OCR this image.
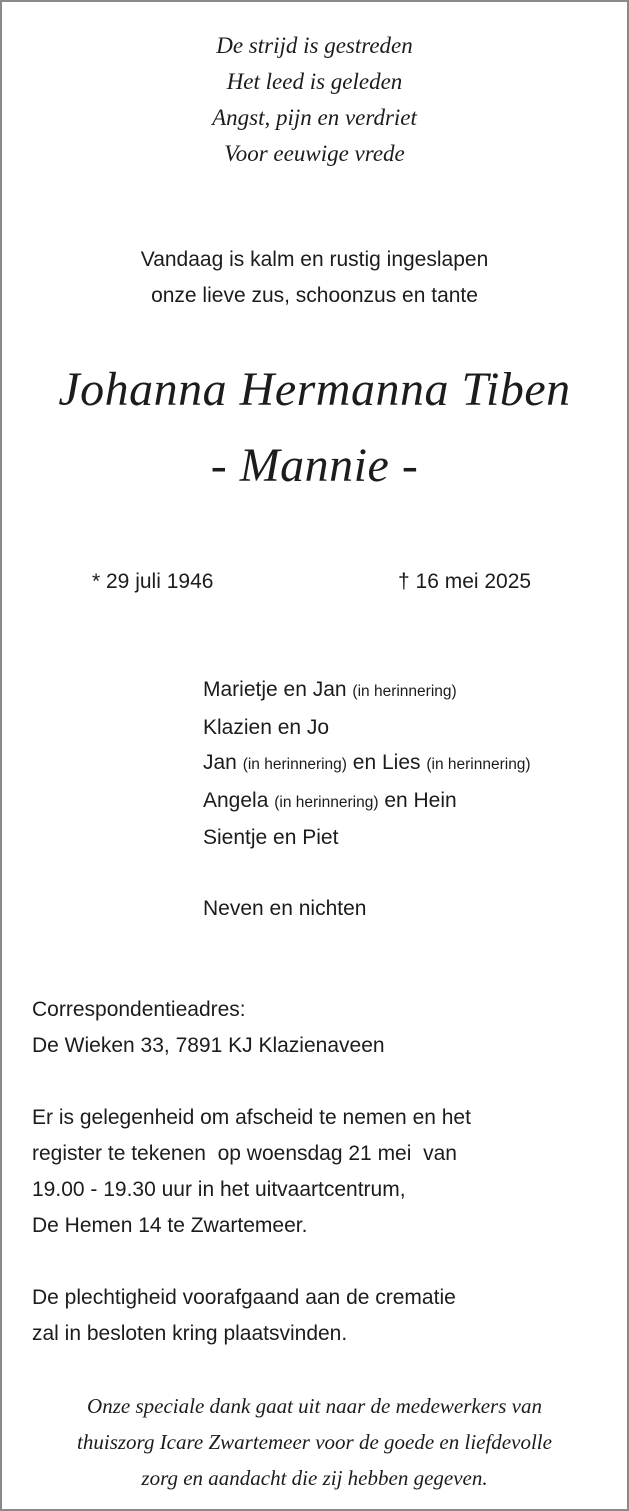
De strijd is gestreden
Het leed is geleden
Angst, pijn en verdriet
Voor eeuwige vrede
Vandaag is kalm en rustig ingeslapen
onze lieve zus, schoonzus en tante
Johanna Hermanna Tiben
- Mannie -
* 29 juli 1946	† 16 mei 2025
Marietje en Jan (in herinnering)
Klazien en Jo
Jan (in herinnering) en Lies (in herinnering)
Angela (in herinnering) en Hein
Sientje en Piet
Neven en nichten
Correspondentieadres:
De Wieken 33, 7891 KJ Klazienaveen
Er is gelegenheid om afscheid te nemen en het
register te tekenen  op woensdag 21 mei  van
19.00 - 19.30 uur in het uitvaartcentrum,
De Hemen 14 te Zwartemeer.
De plechtigheid voorafgaand aan de crematie
zal in besloten kring plaatsvinden.
Onze speciale dank gaat uit naar de medewerkers van
thuiszorg Icare Zwartemeer voor de goede en liefdevolle
zorg en aandacht die zij hebben gegeven.
